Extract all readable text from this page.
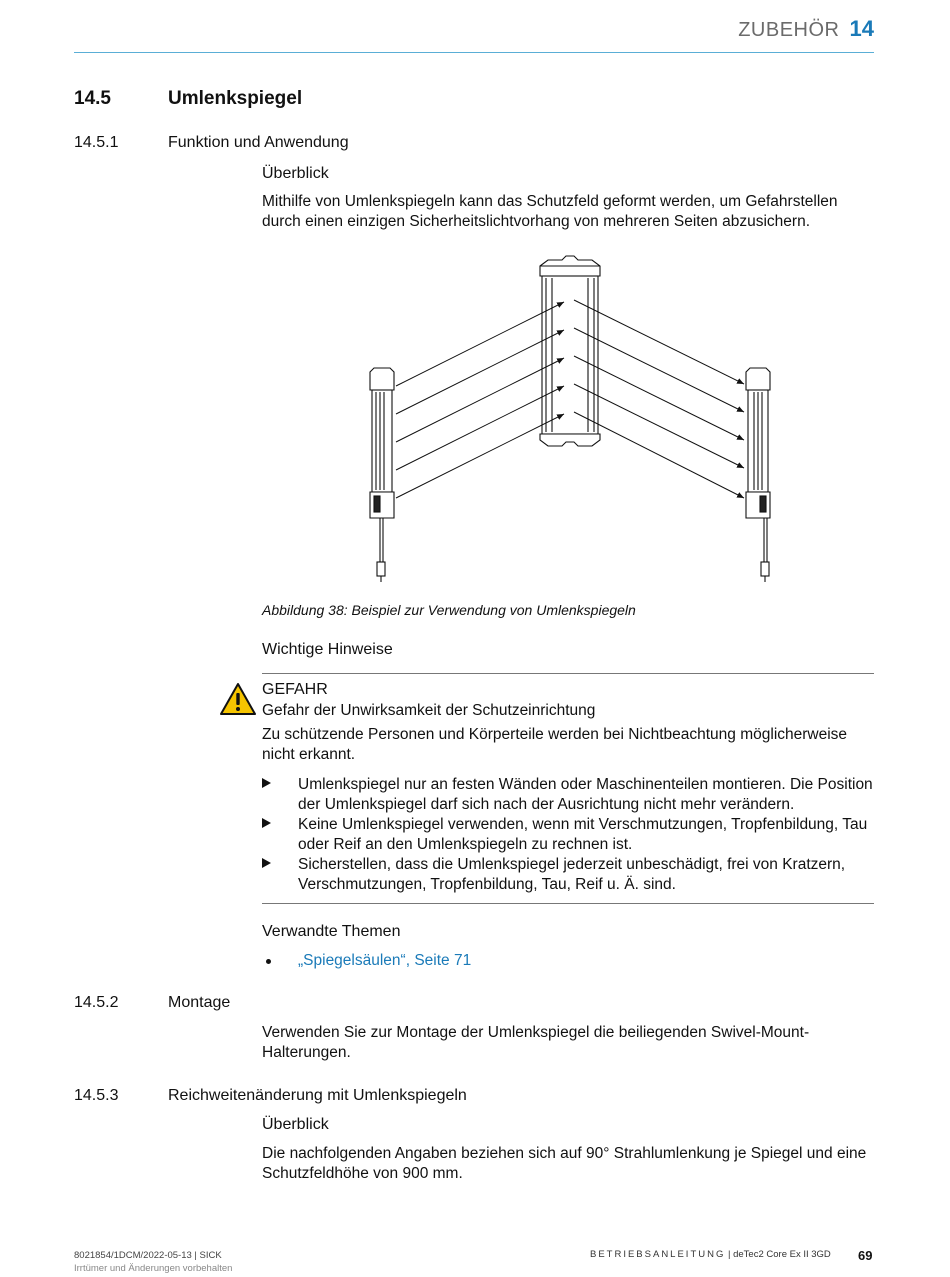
ZUBEHÖR 14
14.5	Umlenkspiegel
14.5.1	Funktion und Anwendung
Überblick
Mithilfe von Umlenkspiegeln kann das Schutzfeld geformt werden, um Gefahrstellen durch einen einzigen Sicherheitslichtvorhang von mehreren Seiten abzusichern.
Abbildung 38: Beispiel zur Verwendung von Umlenkspiegeln
Wichtige Hinweise
GEFAHR
Gefahr der Unwirksamkeit der Schutzeinrichtung
Zu schützende Personen und Körperteile werden bei Nichtbeachtung möglicherweise nicht erkannt.
Umlenkspiegel nur an festen Wänden oder Maschinenteilen montieren. Die Position der Umlenkspiegel darf sich nach der Ausrichtung nicht mehr verändern.
Keine Umlenkspiegel verwenden, wenn mit Verschmutzungen, Tropfenbildung, Tau oder Reif an den Umlenkspiegeln zu rechnen ist.
Sicherstellen, dass die Umlenkspiegel jederzeit unbeschädigt, frei von Kratzern, Verschmutzungen, Tropfenbildung, Tau, Reif u. Ä. sind.
Verwandte Themen
„Spiegelsäulen“, Seite 71
14.5.2	Montage
Verwenden Sie zur Montage der Umlenkspiegel die beiliegenden Swivel-Mount-Halterungen.
14.5.3	Reichweitenänderung mit Umlenkspiegeln
Überblick
Die nachfolgenden Angaben beziehen sich auf 90° Strahlumlenkung je Spiegel und eine Schutzfeldhöhe von 900 mm.
8021854/1DCM/2022-05-13 | SICK
Irrtümer und Änderungen vorbehalten
BETRIEBSANLEITUNG | deTec2 Core Ex II 3GD 69
